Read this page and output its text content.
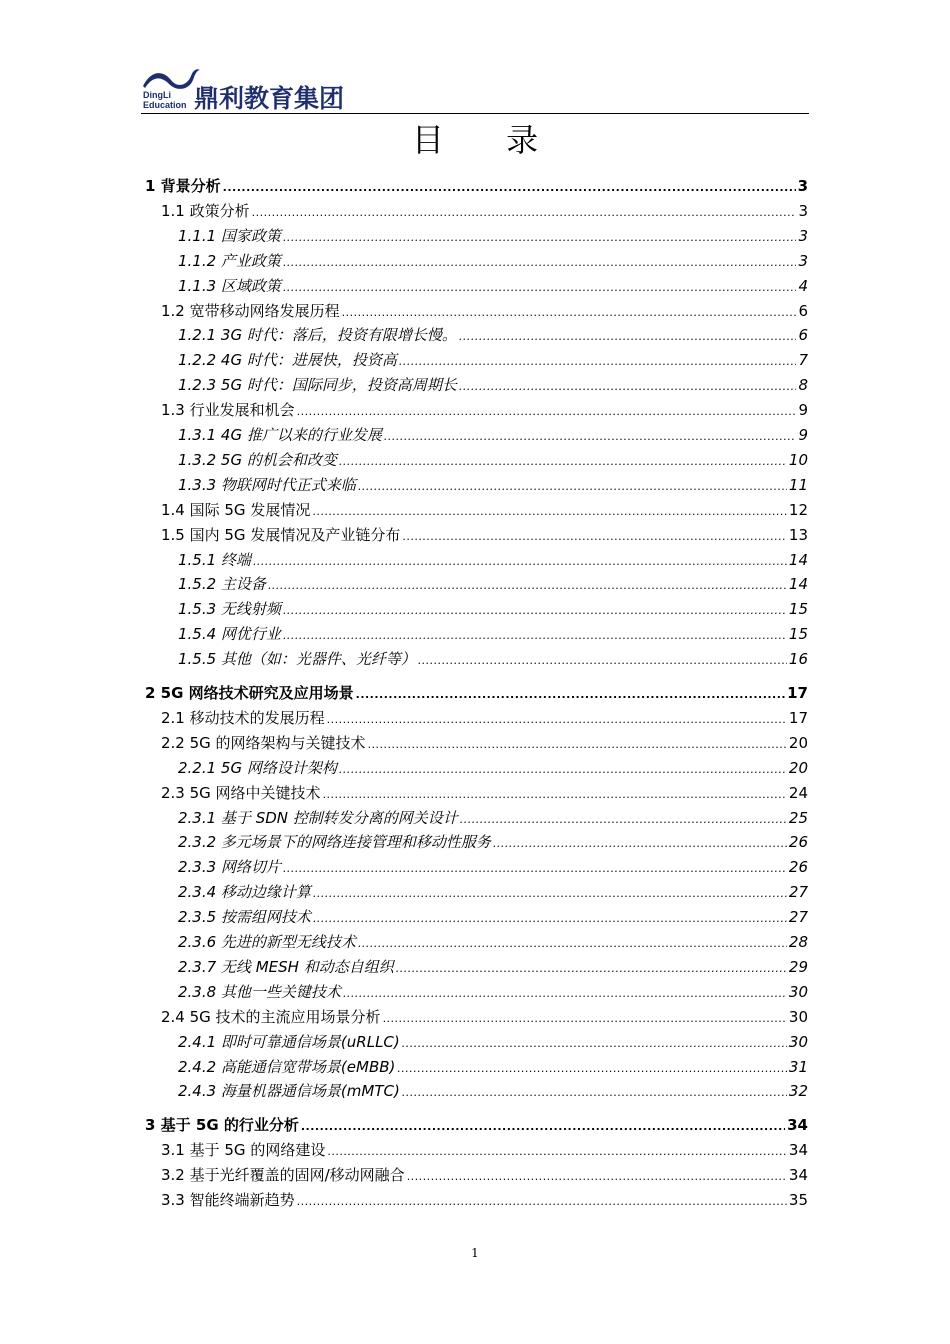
DingLi
Education 鼎利教育集团
目 录
1 背景分析 .....	3
1.1 政策分析 .....	3
1.1.1 国家政策 .....	3
1.1.2 产业政策 .....	3
1.1.3 区域政策 .....	4
1.2 宽带移动网络发展历程 .....	6
1.2.1 3G 时代：落后，投资有限增长慢。 .....	6
1.2.2 4G 时代：进展快，投资高 .....	7
1.2.3 5G 时代：国际同步，投资高周期长 .....	8
1.3 行业发展和机会 .....	9
1.3.1 4G 推广以来的行业发展 .....	9
1.3.2 5G 的机会和改变 .....	10
1.3.3 物联网时代正式来临 .....	11
1.4 国际 5G 发展情况 .....	12
1.5 国内 5G 发展情况及产业链分布 .....	13
1.5.1 终端 .....	14
1.5.2 主设备 .....	14
1.5.3 无线射频 .....	15
1.5.4 网优行业 .....	15
1.5.5 其他（如：光器件、光纤等） .....	16
2 5G 网络技术研究及应用场景 .....	17
2.1 移动技术的发展历程 .....	17
2.2 5G 的网络架构与关键技术 .....	20
2.2.1 5G 网络设计架构 .....	20
2.3 5G 网络中关键技术 .....	24
2.3.1 基于 SDN 控制转发分离的网关设计 .....	25
2.3.2 多元场景下的网络连接管理和移动性服务 .....	26
2.3.3 网络切片 .....	26
2.3.4 移动边缘计算 .....	27
2.3.5 按需组网技术 .....	27
2.3.6 先进的新型无线技术 .....	28
2.3.7 无线 MESH 和动态自组织 .....	29
2.3.8 其他一些关键技术 .....	30
2.4 5G 技术的主流应用场景分析 .....	30
2.4.1 即时可靠通信场景(uRLLC) .....	30
2.4.2 高能通信宽带场景(eMBB) .....	31
2.4.3 海量机器通信场景(mMTC) .....	32
3 基于 5G 的行业分析 .....	34
3.1 基于 5G 的网络建设 .....	34
3.2 基于光纤覆盖的固网/移动网融合 .....	34
3.3 智能终端新趋势 .....	35
1
